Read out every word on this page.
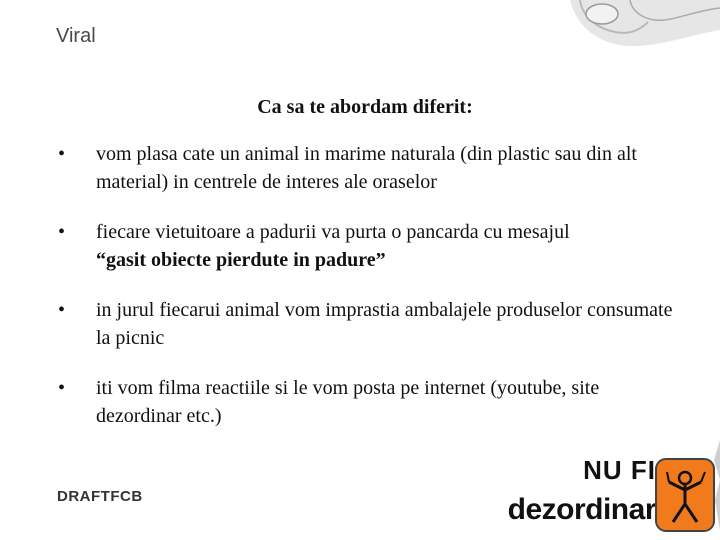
Viral
Ca sa te abordam diferit:
• vom plasa cate un animal in marime naturala (din plastic sau din alt material) in centrele de interes ale oraselor
• fiecare vietuitoare a padurii va purta o pancarda cu mesajul
“gasit obiecte pierdute in padure”
• in jurul fiecarui animal vom imprastia ambalajele produselor consumate la picnic
• iti vom filma reactiile si le vom posta pe internet (youtube, site dezordinar etc.)
DRAFTFCB
NU FI
dezordinar
